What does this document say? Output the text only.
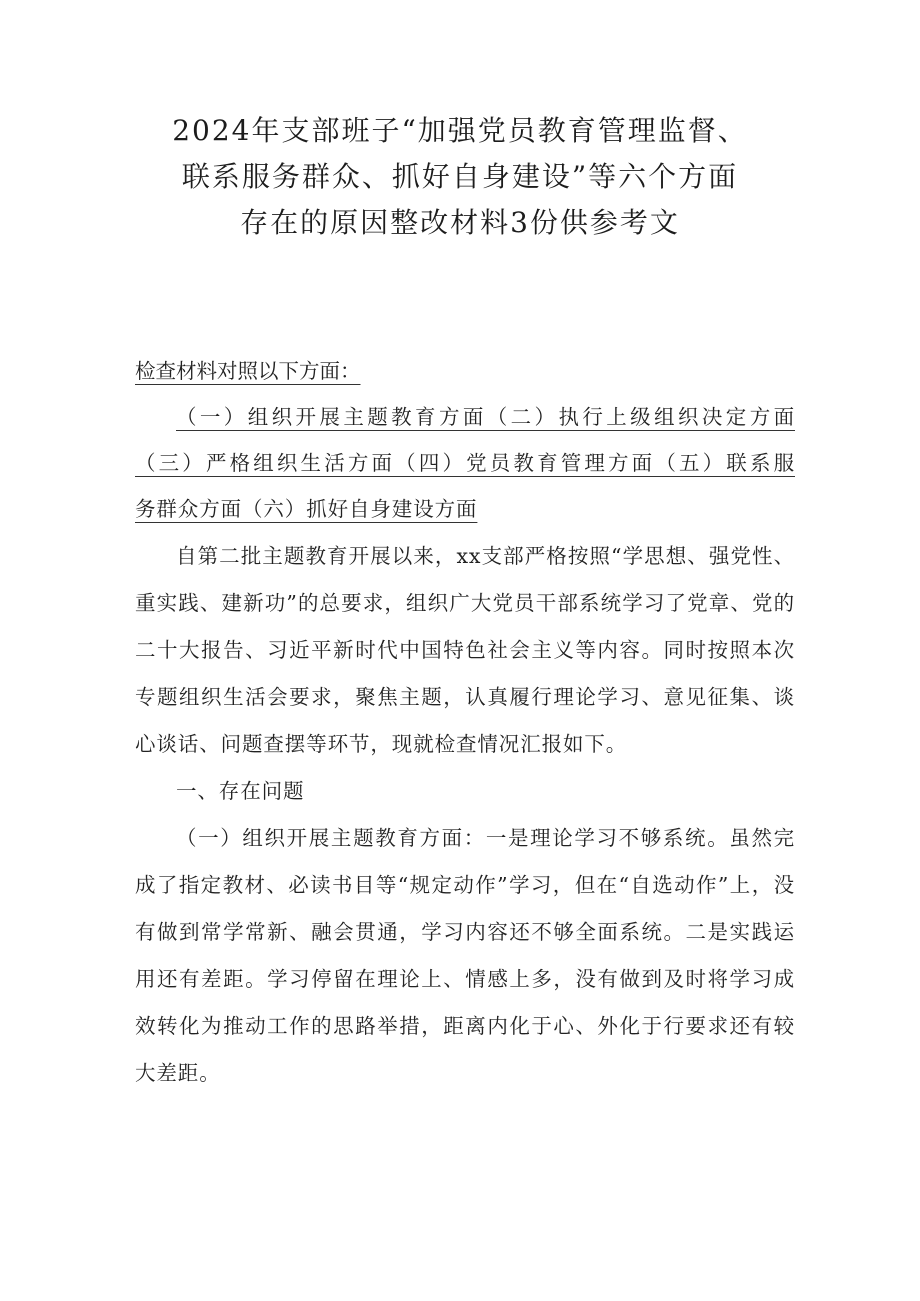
2024年支部班子“加强党员教育管理监督、
联系服务群众、抓好自身建设”等六个方面
存在的原因整改材料3份供参考文
检查材料对照以下方面：
（一）组织开展主题教育方面（二）执行上级组织决定方面
（三）严格组织生活方面（四）党员教育管理方面（五）联系服
务群众方面（六）抓好自身建设方面

自第二批主题教育开展以来，xx支部严格按照“学思想、强党性、重实践、建新功”的总要求，组织广大党员干部系统学习了党章、党的二十大报告、习近平新时代中国特色社会主义等内容。同时按照本次专题组织生活会要求，聚焦主题，认真履行理论学习、意见征集、谈心谈话、问题查摆等环节，现就检查情况汇报如下。

一、存在问题

（一）组织开展主题教育方面：一是理论学习不够系统。虽然完成了指定教材、必读书目等“规定动作”学习，但在“自选动作”上，没有做到常学常新、融会贯通，学习内容还不够全面系统。二是实践运用还有差距。学习停留在理论上、情感上多，没有做到及时将学习成效转化为推动工作的思路举措，距离内化于心、外化于行要求还有较大差距。
